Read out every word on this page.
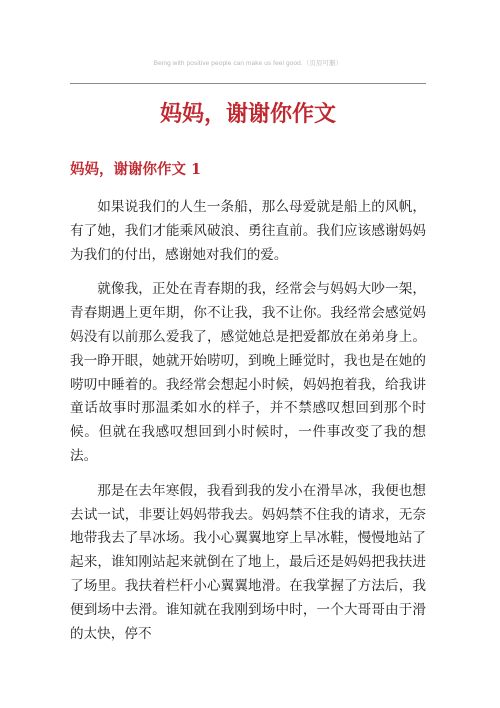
Being with positive people can make us feel good.（页眉可删）
妈妈，谢谢你作文
妈妈，谢谢你作文 1

如果说我们的人生一条船，那么母爱就是船上的风帆，有了她，我们才能乘风破浪、勇往直前。我们应该感谢妈妈为我们的付出，感谢她对我们的爱。

就像我，正处在青春期的我，经常会与妈妈大吵一架，青春期遇上更年期，你不让我，我不让你。我经常会感觉妈妈没有以前那么爱我了，感觉她总是把爱都放在弟弟身上。我一睁开眼，她就开始唠叨，到晚上睡觉时，我也是在她的唠叨中睡着的。我经常会想起小时候，妈妈抱着我，给我讲童话故事时那温柔如水的样子，并不禁感叹想回到那个时候。但就在我感叹想回到小时候时，一件事改变了我的想法。

那是在去年寒假，我看到我的发小在滑旱冰，我便也想去试一试，非要让妈妈带我去。妈妈禁不住我的请求，无奈地带我去了旱冰场。我小心翼翼地穿上旱冰鞋，慢慢地站了起来，谁知刚站起来就倒在了地上，最后还是妈妈把我扶进了场里。我扶着栏杆小心翼翼地滑。在我掌握了方法后，我便到场中去滑。谁知就在我刚到场中时，一个大哥哥由于滑的太快，停不
